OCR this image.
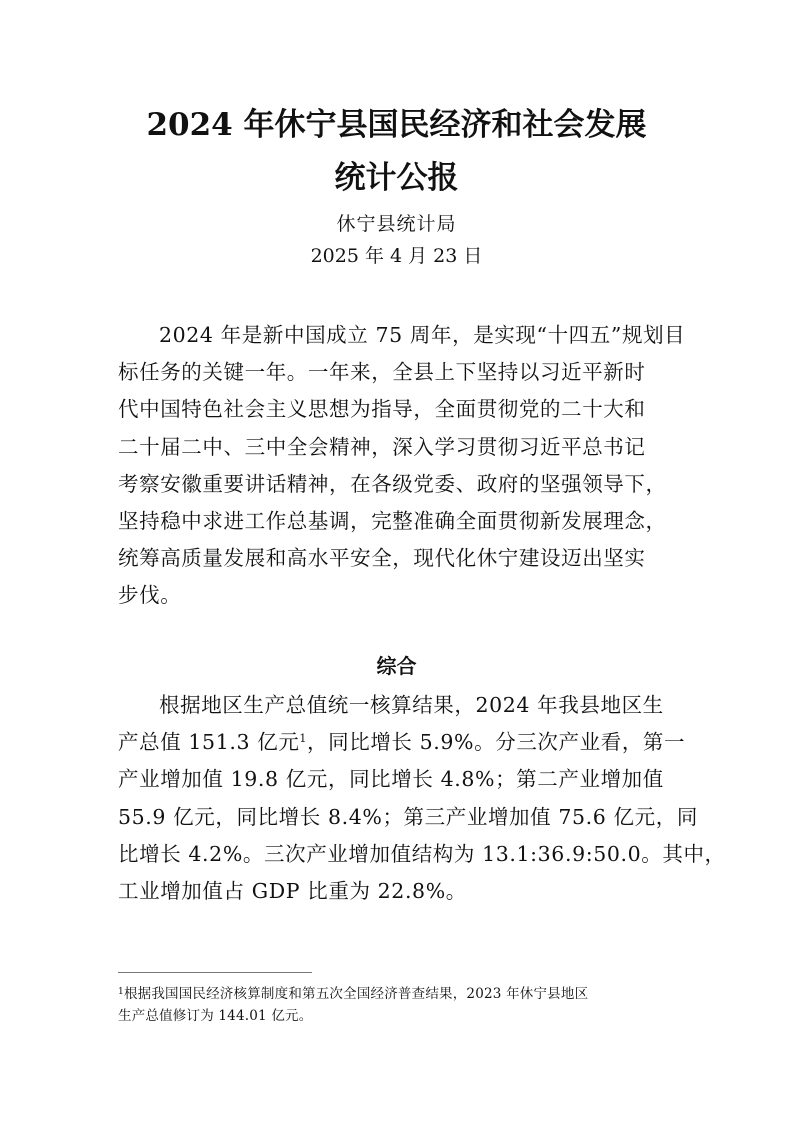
2024 年休宁县国民经济和社会发展
统计公报
休宁县统计局
2025 年 4 月 23 日
2024 年是新中国成立 75 周年，是实现“十四五”规划目
标任务的关键一年。一年来，全县上下坚持以习近平新时
代中国特色社会主义思想为指导，全面贯彻党的二十大和
二十届二中、三中全会精神，深入学习贯彻习近平总书记
考察安徽重要讲话精神，在各级党委、政府的坚强领导下，
坚持稳中求进工作总基调，完整准确全面贯彻新发展理念，
统筹高质量发展和高水平安全，现代化休宁建设迈出坚实
步伐。
综合
根据地区生产总值统一核算结果，2024 年我县地区生
产总值 151.3 亿元$^1$，同比增长 5.9%。分三次产业看，第一
产业增加值 19.8 亿元，同比增长 4.8%；第二产业增加值
55.9 亿元，同比增长 8.4%；第三产业增加值 75.6 亿元，同
比增长 4.2%。三次产业增加值结构为 13.1:36.9:50.0。其中，
工业增加值占 GDP 比重为 22.8%。
$^1$根据我国国民经济核算制度和第五次全国经济普查结果，2023 年休宁县地区
生产总值修订为 144.01 亿元。
